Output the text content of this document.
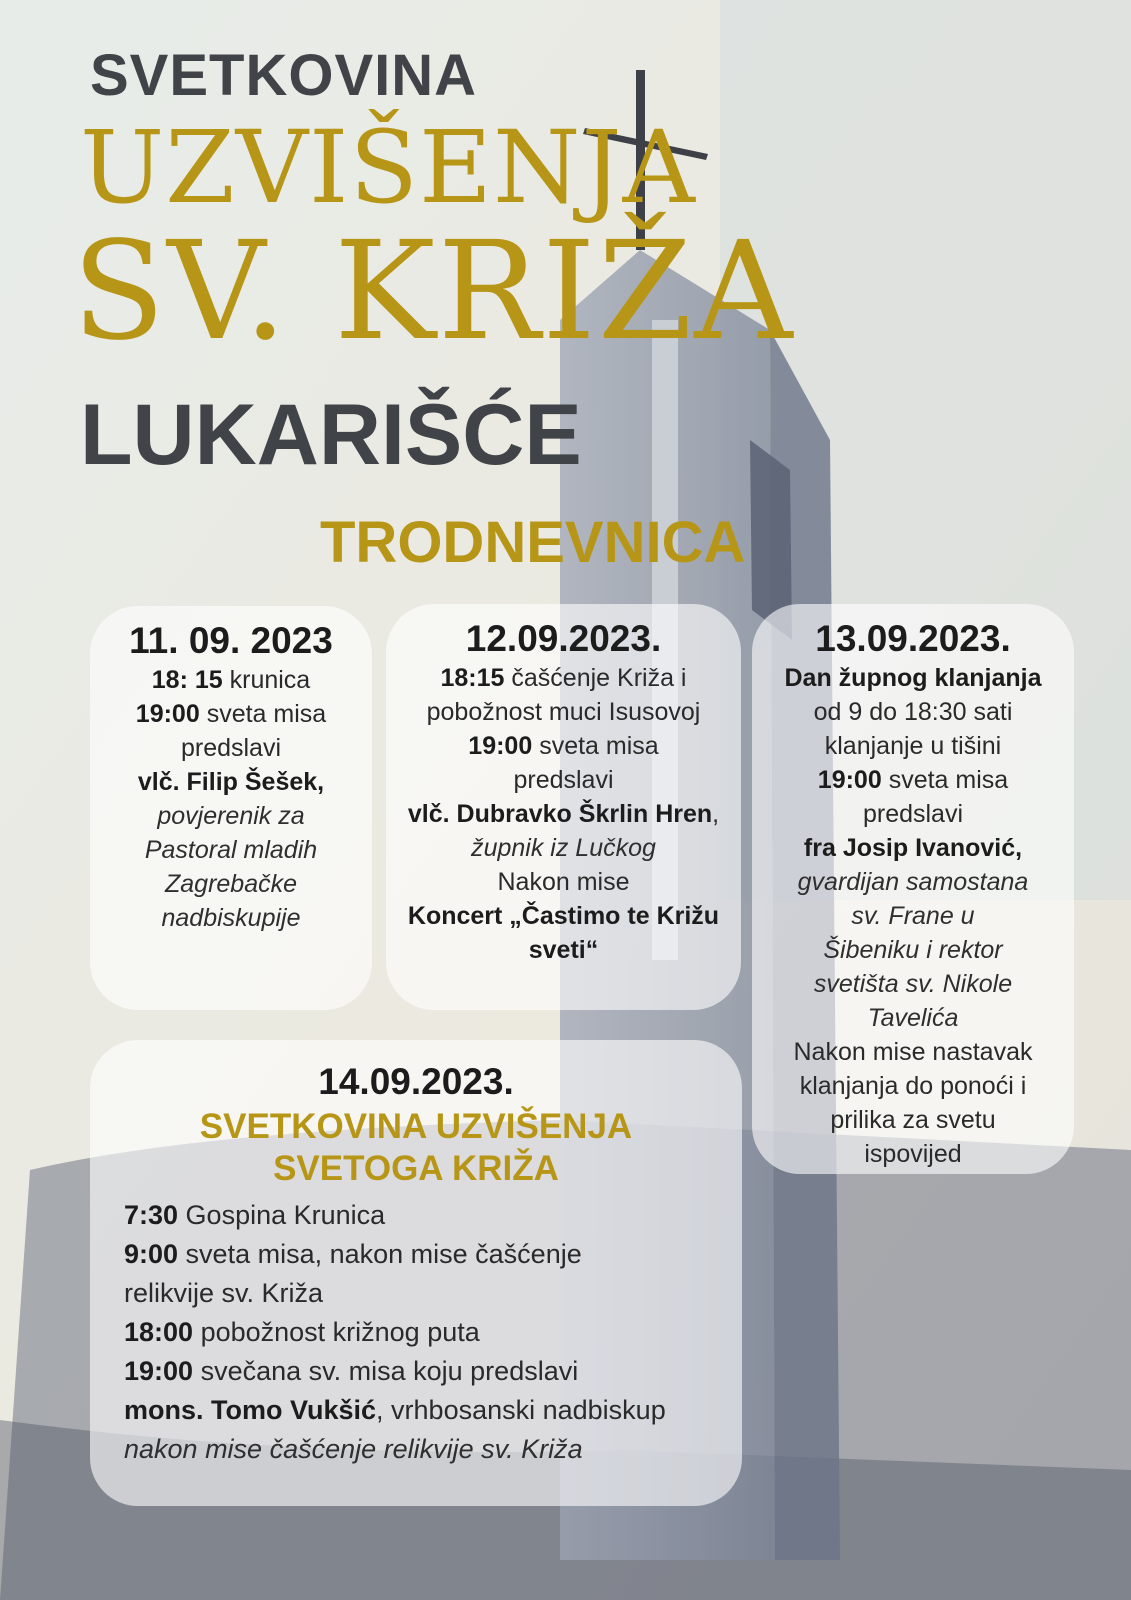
SVETKOVINA
UZVIŠENJA
SV. KRIŽA
LUKARIŠĆE
TRODNEVNICA
11. 09. 2023
18: 15 krunica
19:00 sveta misa
predslavi
vlč. Filip Šešek,
povjerenik za
Pastoral mladih
Zagrebačke
nadbiskupije
12.09.2023.
18:15 čašćenje Križa i
pobožnost muci Isusovoj
19:00 sveta misa
predslavi
vlč. Dubravko Škrlin Hren,
župnik iz Lučkog
Nakon mise
Koncert „Častimo te Križu
sveti“
13.09.2023.
Dan župnog klanjanja
od 9 do 18:30 sati
klanjanje u tišini
19:00 sveta misa
predslavi
fra Josip Ivanović,
gvardijan samostana
sv. Frane u
Šibeniku i rektor
svetišta sv. Nikole
Tavelića
Nakon mise nastavak
klanjanja do ponoći i
prilika za svetu
ispovijed
14.09.2023.
SVETKOVINA UZVIŠENJA
SVETOGA KRIŽA
7:30 Gospina Krunica
9:00 sveta misa, nakon mise čašćenje
relikvije sv. Križa
18:00 pobožnost križnog puta
19:00 svečana sv. misa koju predslavi
mons. Tomo Vukšić, vrhbosanski nadbiskup
nakon mise čašćenje relikvije sv. Križa
